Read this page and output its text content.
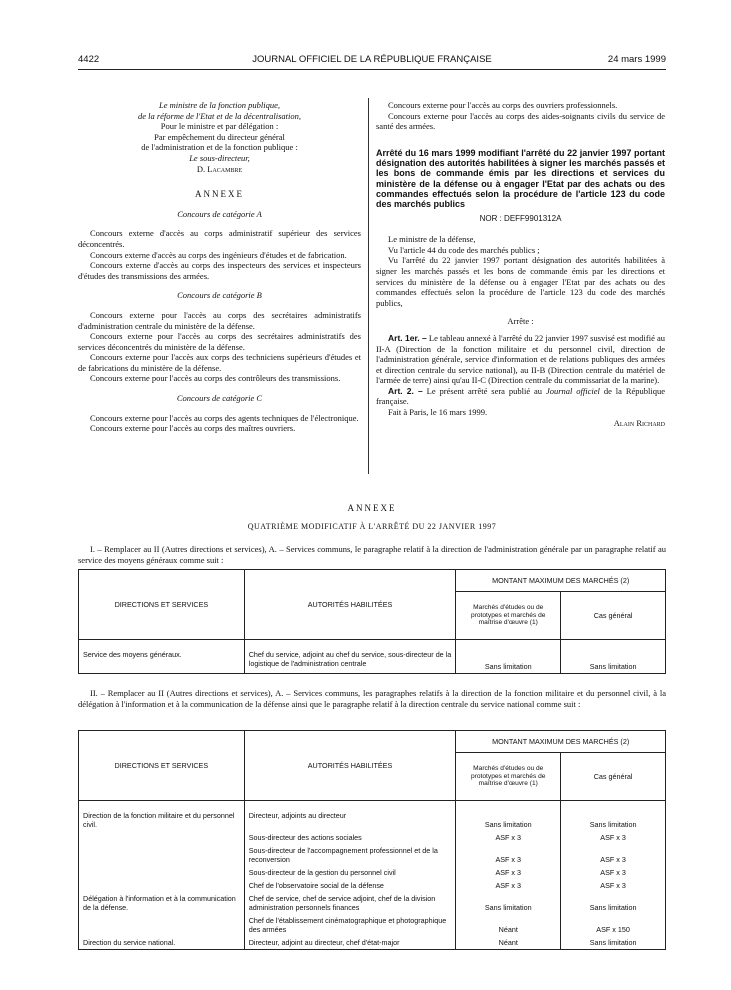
4422	JOURNAL OFFICIEL DE LA RÉPUBLIQUE FRANÇAISE	24 mars 1999
Le ministre de la fonction publique,
de la réforme de l'Etat et de la décentralisation,
Pour le ministre et par délégation :
Par empêchement du directeur général
de l'administration et de la fonction publique :
Le sous-directeur,
D. Lacambre
ANNEXE
Concours de catégorie A

Concours externe d'accès au corps administratif supérieur des services déconcentrés.

Concours externe d'accès au corps des ingénieurs d'études et de fabrication.

Concours externe d'accès au corps des inspecteurs des services et inspecteurs d'études des transmissions des armées.

Concours de catégorie B

Concours externe pour l'accès au corps des secrétaires administratifs d'administration centrale du ministère de la défense.

Concours externe pour l'accès au corps des secrétaires administratifs des services déconcentrés du ministère de la défense.

Concours externe pour l'accès aux corps des techniciens supérieurs d'études et de fabrications du ministère de la défense.

Concours externe pour l'accès au corps des contrôleurs des transmissions.

Concours de catégorie C

Concours externe pour l'accès au corps des agents techniques de l'électronique.

Concours externe pour l'accès au corps des maîtres ouvriers.

Concours externe pour l'accès au corps des ouvriers professionnels.

Concours externe pour l'accès au corps des aides-soignants civils du service de santé des armées.

Arrêté du 16 mars 1999 modifiant l'arrêté du 22 janvier 1997 portant désignation des autorités habilitées à signer les marchés passés et les bons de commande émis par les directions et services du ministère de la défense ou à engager l'Etat par des achats ou des commandes effectués selon la procédure de l'article 123 du code des marchés publics
NOR : DEFF9901312A

Le ministre de la défense,

Vu l'article 44 du code des marchés publics ;

Vu l'arrêté du 22 janvier 1997 portant désignation des autorités habilitées à signer les marchés passés et les bons de commande émis par les directions et services du ministère de la défense ou à engager l'Etat par des achats ou des commandes effectués selon la procédure de l'article 123 du code des marchés publics,

Arrête :

Art. 1er. – Le tableau annexé à l'arrêté du 22 janvier 1997 susvisé est modifié au II-A (Direction de la fonction militaire et du personnel civil, direction de l'administration générale, service d'information et de relations publiques des armées et direction centrale du service national), au II-B (Direction centrale du matériel de l'armée de terre) ainsi qu'au II-C (Direction centrale du commissariat de la marine).

Art. 2. – Le présent arrêté sera publié au Journal officiel de la République française.

Fait à Paris, le 16 mars 1999.

Alain Richard

ANNEXE
QUATRIÈME MODIFICATIF À L'ARRÊTÉ DU 22 JANVIER 1997
I. – Remplacer au II (Autres directions et services), A. – Services communs, le paragraphe relatif à la direction de l'administration générale par un paragraphe relatif au service des moyens généraux comme suit :
DIRECTIONS ET SERVICES	AUTORITÉS HABILITÉES	MONTANT MAXIMUM DES MARCHÉS (2)	
		Marchés d'études ou de prototypes et marchés de maîtrise d'œuvre (1)	Cas général
Service des moyens généraux.	Chef du service, adjoint au chef du service, sous-directeur de la logistique de l'administration centrale	Sans limitation	Sans limitation
II. – Remplacer au II (Autres directions et services), A. – Services communs, les paragraphes relatifs à la direction de la fonction militaire et du personnel civil, à la délégation à l'information et à la communication de la défense ainsi que le paragraphe relatif à la direction centrale du service national comme suit :
DIRECTIONS ET SERVICES	AUTORITÉS HABILITÉES	MONTANT MAXIMUM DES MARCHÉS (2)	
		Marchés d'études ou de prototypes et marchés de maîtrise d'œuvre (1)	Cas général
Direction de la fonction militaire et du personnel civil.	Directeur, adjoints au directeur	Sans limitation	Sans limitation
	Sous-directeur des actions sociales	ASF x 3	ASF x 3
	Sous-directeur de l'accompagnement professionnel et de la reconversion	ASF x 3	ASF x 3
	Sous-directeur de la gestion du personnel civil	ASF x 3	ASF x 3
	Chef de l'observatoire social de la défense	ASF x 3	ASF x 3
Délégation à l'information et à la communication de la défense.	Chef de service, chef de service adjoint, chef de la division administration personnels finances	Sans limitation	Sans limitation
	Chef de l'établissement cinématographique et photographique des armées	Néant	ASF x 150
Direction du service national.	Directeur, adjoint au directeur, chef d'état-major	Néant	Sans limitation
